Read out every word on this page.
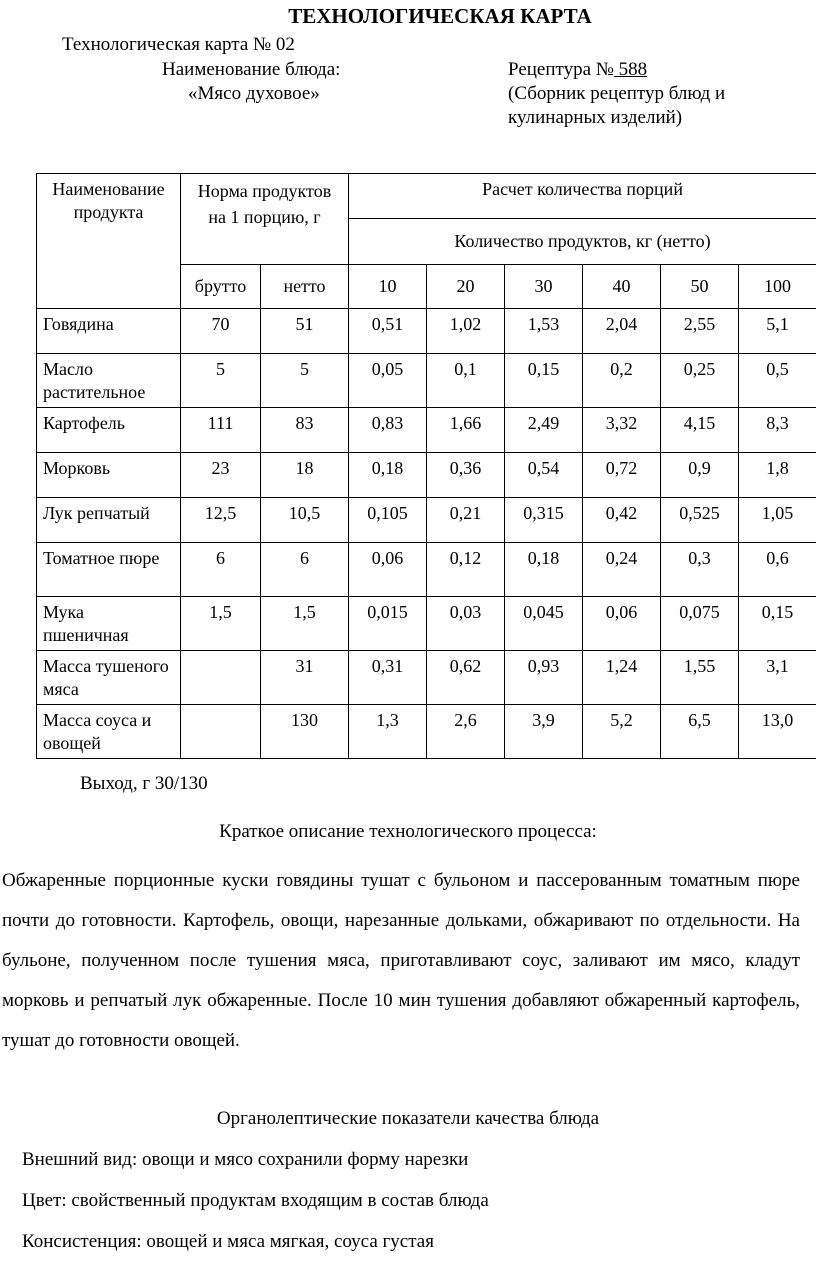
ТЕХНОЛОГИЧЕСКАЯ КАРТА
Технологическая карта № 02
Наименование блюда:
«Мясо духовое»
Рецептура № 588
(Сборник рецептур блюд и
кулинарных изделий)
Наименование продукта	Норма продуктов на 1 порцию, г		Расчет количества порций					
			Количество продуктов, кг (нетто)					
	брутто	нетто	10	20	30	40	50	100
Говядина	70	51	0,51	1,02	1,53	2,04	2,55	5,1
Масло растительное	5	5	0,05	0,1	0,15	0,2	0,25	0,5
Картофель	111	83	0,83	1,66	2,49	3,32	4,15	8,3
Морковь	23	18	0,18	0,36	0,54	0,72	0,9	1,8
Лук репчатый	12,5	10,5	0,105	0,21	0,315	0,42	0,525	1,05
Томатное пюре	6	6	0,06	0,12	0,18	0,24	0,3	0,6
Мука пшеничная	1,5	1,5	0,015	0,03	0,045	0,06	0,075	0,15
Масса тушеного мяса		31	0,31	0,62	0,93	1,24	1,55	3,1
Масса соуса и овощей		130	1,3	2,6	3,9	5,2	6,5	13,0
Выход, г 30/130
Краткое описание технологического процесса:
Обжаренные порционные куски говядины тушат с бульоном и пассерованным томатным пюре почти до готовности. Картофель, овощи, нарезанные дольками, обжаривают по отдельности. На бульоне, полученном после тушения мяса, приготавливают соус, заливают им мясо, кладут морковь и репчатый лук обжаренные. После 10 мин тушения добавляют обжаренный картофель, тушат до готовности овощей.
Органолептические показатели качества блюда
Внешний вид: овощи и мясо сохранили форму нарезки
Цвет: свойственный продуктам входящим в состав блюда
Консистенция: овощей и мяса мягкая, соуса густая
